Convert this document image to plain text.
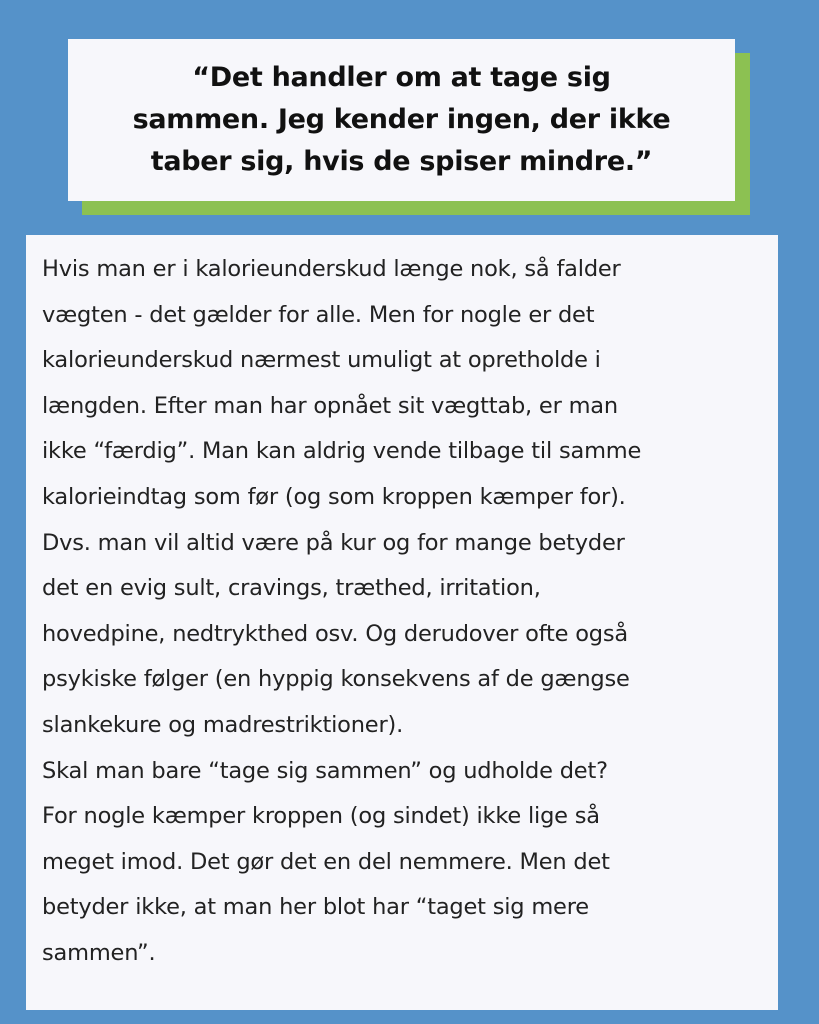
“Det handler om at tage sig
sammen. Jeg kender ingen, der ikke
taber sig, hvis de spiser mindre.”
Hvis man er i kalorieunderskud længe nok, så falder
vægten - det gælder for alle. Men for nogle er det
kalorieunderskud nærmest umuligt at opretholde i
længden. Efter man har opnået sit vægttab, er man
ikke “færdig”. Man kan aldrig vende tilbage til samme
kalorieindtag som før (og som kroppen kæmper for).
Dvs. man vil altid være på kur og for mange betyder
det en evig sult, cravings, træthed, irritation,
hovedpine, nedtrykthed osv. Og derudover ofte også
psykiske følger (en hyppig konsekvens af de gængse
slankekure og madrestriktioner).
Skal man bare “tage sig sammen” og udholde det?
For nogle kæmper kroppen (og sindet) ikke lige så
meget imod. Det gør det en del nemmere. Men det
betyder ikke, at man her blot har “taget sig mere
sammen”.
